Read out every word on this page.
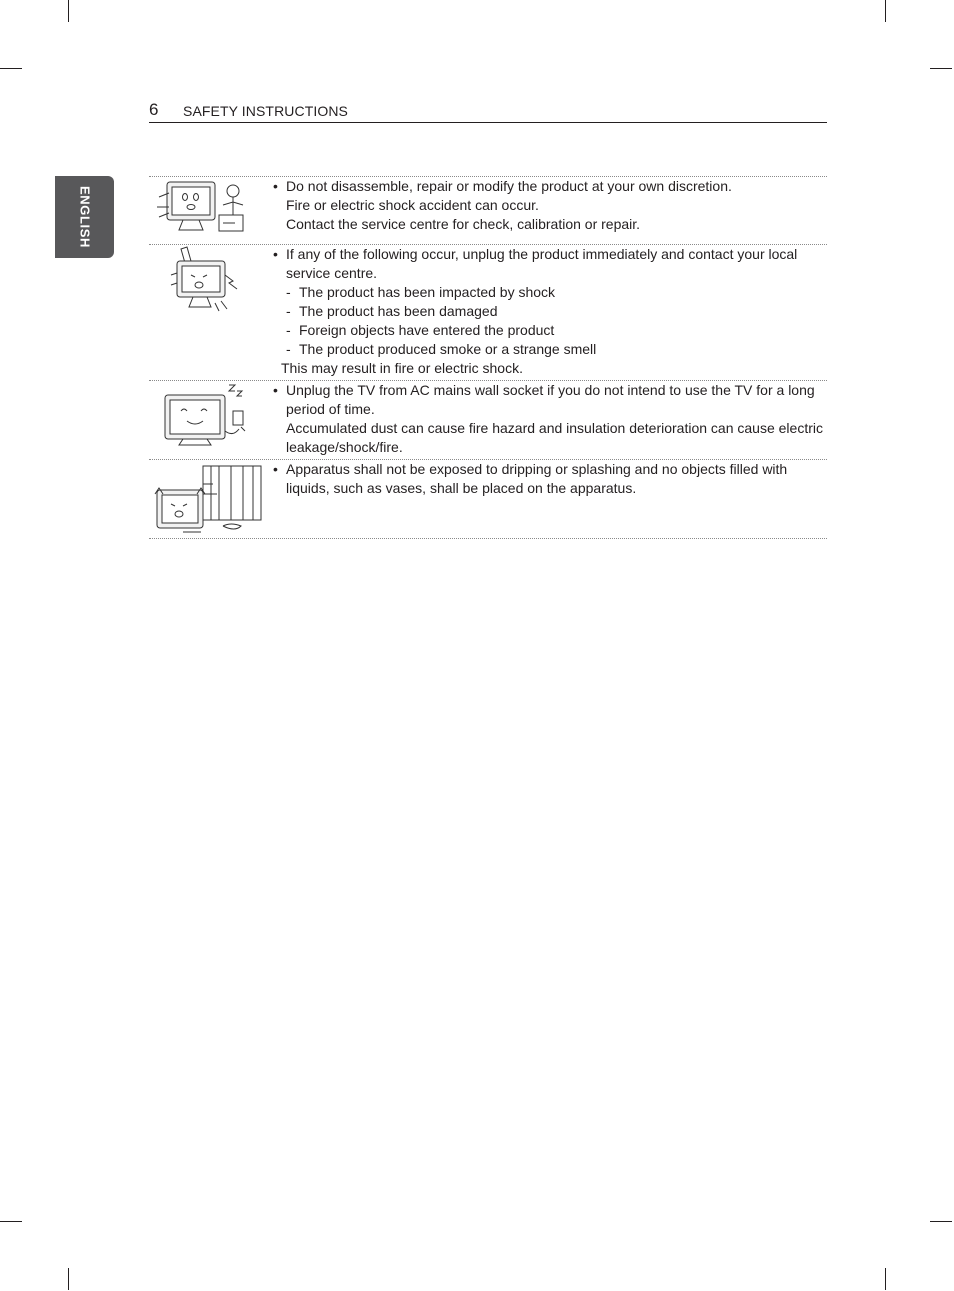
6 SAFETY INSTRUCTIONS
ENGLISH
• Do not disassemble, repair or modify the product at your own discretion.
Fire or electric shock accident can occur.
Contact the service centre for check, calibration or repair.
• If any of the following occur, unplug the product immediately and contact your local service centre.
- The product has been impacted by shock
- The product has been damaged
- Foreign objects have entered the product
- The product produced smoke or a strange smell
This may result in fire or electric shock.
• Unplug the TV from AC mains wall socket if you do not intend to use the TV for a long period of time.
Accumulated dust can cause fire hazard and insulation deterioration can cause electric leakage/shock/fire.
• Apparatus shall not be exposed to dripping or splashing and no objects filled with liquids, such as vases, shall be placed on the apparatus.
